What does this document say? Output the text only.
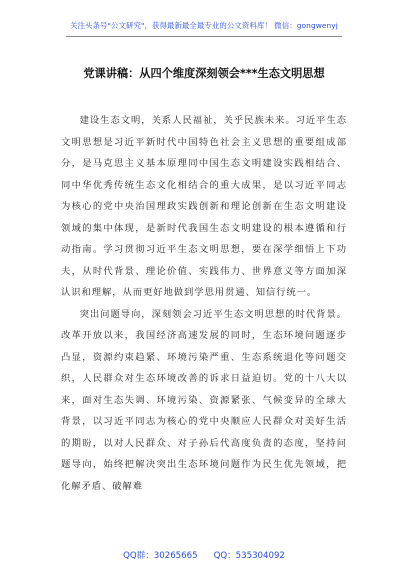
关注头条号"公文研究"，获得最新最全最专业的公文资料库！ 微信：gongwenyj
党课讲稿：从四个维度深刻领会***生态文明思想

建设生态文明，关系人民福祉，关乎民族未来。习近平生态文明思想是习近平新时代中国特色社会主义思想的重要组成部分，是马克思主义基本原理同中国生态文明建设实践相结合、同中华优秀传统生态文化相结合的重大成果，是以习近平同志为核心的党中央治国理政实践创新和理论创新在生态文明建设领域的集中体现，是新时代我国生态文明建设的根本遵循和行动指南。学习贯彻习近平生态文明思想，要在深学细悟上下功夫，从时代背景、理论价值、实践伟力、世界意义等方面加深认识和理解，从而更好地做到学思用贯通、知信行统一。

突出问题导向，深刻领会习近平生态文明思想的时代背景。改革开放以来，我国经济高速发展的同时，生态环境问题逐步凸显，资源约束趋紧、环境污染严重、生态系统退化等问题交织，人民群众对生态环境改善的诉求日益迫切。党的十八大以来，面对生态失调、环境污染、资源紧张、气候变异的全球大背景，以习近平同志为核心的党中央顺应人民群众对美好生活的期盼，以对人民群众、对子孙后代高度负责的态度，坚持问题导向，始终把解决突出生态环境问题作为民生优先领域，把化解矛盾、破解难

QQ群：30265665 QQ：535304092
